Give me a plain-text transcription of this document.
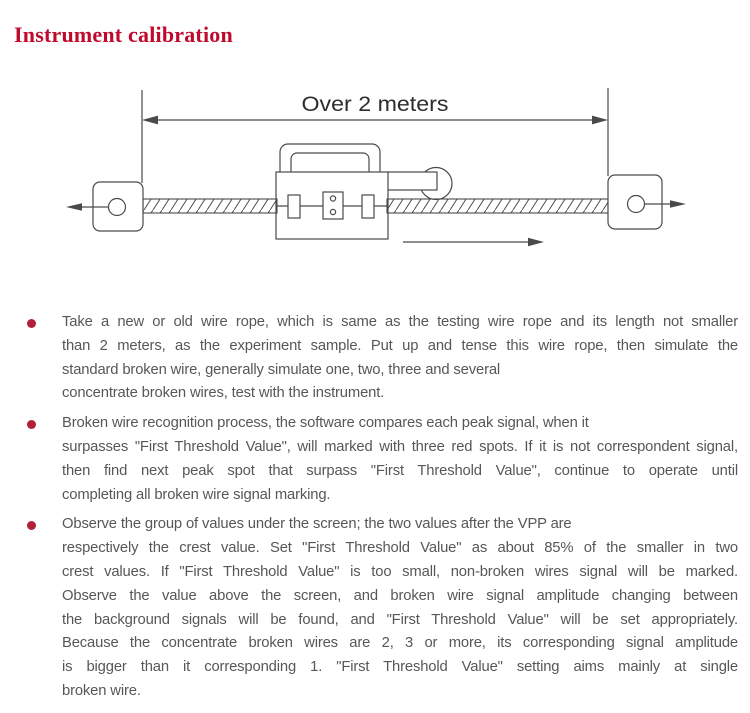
Instrument calibration
Over 2 meters
Take a new or old wire rope, which is same as the testing wire rope and its length not smaller
than 2 meters, as the experiment sample. Put up and tense this wire rope, then simulate the
standard broken wire, generally simulate one, two, three and several
concentrate broken wires, test with the instrument.
Broken wire recognition process, the software compares each peak signal, when it
surpasses "First Threshold Value", will marked with three red spots. If it is not correspondent signal,
then find next peak spot that surpass "First Threshold Value", continue to operate until
completing all broken wire signal marking.
Observe the group of values under the screen; the two values after the VPP are
respectively the crest value. Set "First Threshold Value" as about 85% of the smaller in two
crest values. If "First Threshold Value" is too small, non-broken wires signal will be marked.
Observe the value above the screen, and broken wire signal amplitude changing between
the background signals will be found, and "First Threshold Value" will be set appropriately.
Because the concentrate broken wires are 2, 3 or more, its corresponding signal amplitude
is bigger than it corresponding 1. "First Threshold Value" setting aims mainly at single
broken wire.
